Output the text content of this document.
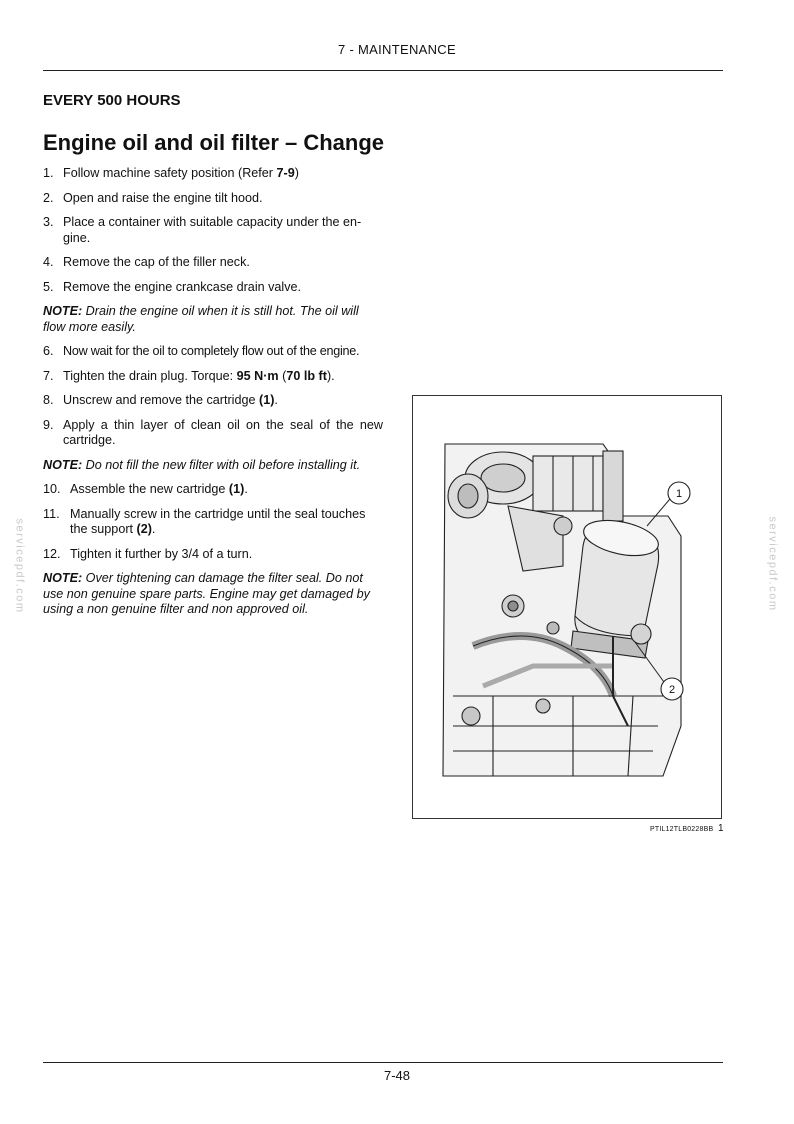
7 - MAINTENANCE
EVERY 500 HOURS
Engine oil and oil filter – Change
1. Follow machine safety position (Refer 7-9)
2. Open and raise the engine tilt hood.
3. Place a container with suitable capacity under the en- gine.
4. Remove the cap of the filler neck.
5. Remove the engine crankcase drain valve.
NOTE: Drain the engine oil when it is still hot. The oil will flow more easily.
6. Now wait for the oil to completely flow out of the engine.
7. Tighten the drain plug. Torque: 95 N·m (70 lb ft).
8. Unscrew and remove the cartridge (1).
9. Apply a thin layer of clean oil on the seal of the new cartridge.
NOTE: Do not fill the new filter with oil before installing it.
10. Assemble the new cartridge (1).
11. Manually screw in the cartridge until the seal touches the support (2).
12. Tighten it further by 3/4 of a turn.
NOTE: Over tightening can damage the filter seal. Do not use non genuine spare parts. Engine may get damaged by using a non genuine filter and non approved oil.
1
2
PTIL12TLB0228BB 1
servicepdf.com	servicepdf.com
7-48
